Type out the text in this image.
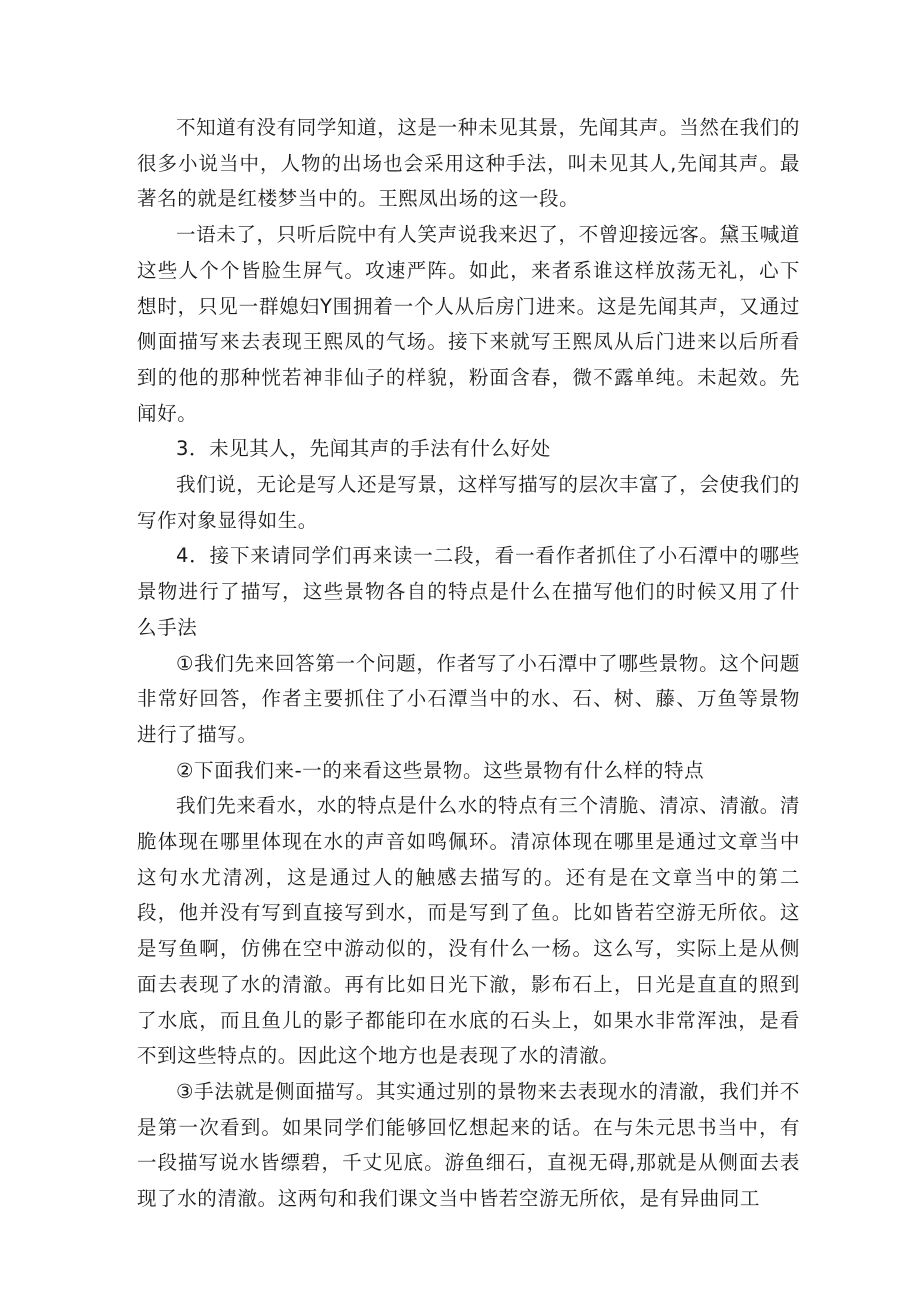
不知道有没有同学知道，这是一种未见其景，先闻其声。当然在我们的很多小说当中，人物的出场也会采用这种手法，叫未见其人,先闻其声。最著名的就是红楼梦当中的。王熙凤出场的这一段。

一语未了，只听后院中有人笑声说我来迟了，不曾迎接远客。黛玉喊道这些人个个皆脸生屏气。攻速严阵。如此，来者系谁这样放荡无礼，心下想时，只见一群媳妇Y围拥着一个人从后房门进来。这是先闻其声，又通过侧面描写来去表现王熙凤的气场。接下来就写王熙凤从后门进来以后所看到的他的那种恍若神非仙子的样貌，粉面含春，微不露单纯。未起效。先闻好。

3．未见其人，先闻其声的手法有什么好处

我们说，无论是写人还是写景，这样写描写的层次丰富了，会使我们的写作对象显得如生。

4．接下来请同学们再来读一二段，看一看作者抓住了小石潭中的哪些景物进行了描写，这些景物各自的特点是什么在描写他们的时候又用了什么手法

①我们先来回答第一个问题，作者写了小石潭中了哪些景物。这个问题非常好回答，作者主要抓住了小石潭当中的水、石、树、藤、万鱼等景物进行了描写。

②下面我们来-一的来看这些景物。这些景物有什么样的特点

我们先来看水，水的特点是什么水的特点有三个清脆、清凉、清澈。清脆体现在哪里体现在水的声音如鸣佩环。清凉体现在哪里是通过文章当中这句水尤清冽，这是通过人的触感去描写的。还有是在文章当中的第二段，他并没有写到直接写到水，而是写到了鱼。比如皆若空游无所依。这是写鱼啊，仿佛在空中游动似的，没有什么一杨。这么写，实际上是从侧面去表现了水的清澈。再有比如日光下澈，影布石上，日光是直直的照到了水底，而且鱼儿的影子都能印在水底的石头上，如果水非常浑浊，是看不到这些特点的。因此这个地方也是表现了水的清澈。

③手法就是侧面描写。其实通过别的景物来去表现水的清澈，我们并不是第一次看到。如果同学们能够回忆想起来的话。在与朱元思书当中，有一段描写说水皆缥碧，千丈见底。游鱼细石，直视无碍,那就是从侧面去表现了水的清澈。这两句和我们课文当中皆若空游无所依，是有异曲同工
